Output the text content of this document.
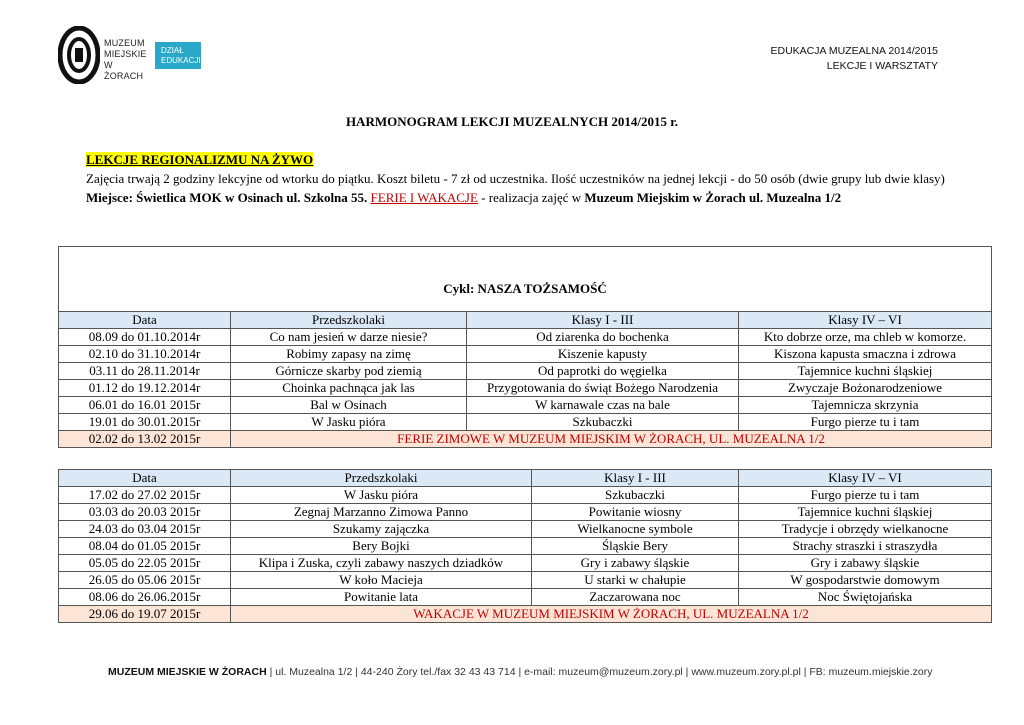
MUZEUM
MIEJSKIE
W ŻORACH
DZIAŁ
EDUKACJI
EDUKACJA MUZEALNA 2014/2015
LEKCJE I WARSZTATY
HARMONOGRAM LEKCJI MUZEALNYCH 2014/2015 r.
LEKCJE REGIONALIZMU NA ŻYWO
Zajęcia trwają 2 godziny lekcyjne od wtorku do piątku. Koszt biletu - 7 zł od uczestnika. Ilość uczestników na jednej lekcji - do 50 osób (dwie grupy lub dwie klasy)
Miejsce: Świetlica MOK w Osinach ul. Szkolna 55. FERIE I WAKACJE - realizacja zajęć w Muzeum Miejskim w Żorach ul. Muzealna 1/2
Cykl: NASZA TOŻSAMOŚĆ			
Data	Przedszkolaki	Klasy I - III	Klasy IV – VI
08.09 do 01.10.2014r	Co nam jesień w darze niesie?	Od ziarenka do bochenka	Kto dobrze orze, ma chleb w komorze.
02.10 do 31.10.2014r	Robimy zapasy na zimę	Kiszenie kapusty	Kiszona kapusta smaczna i zdrowa
03.11 do 28.11.2014r	Górnicze skarby pod ziemią	Od paprotki do węgielka	Tajemnice kuchni śląskiej
01.12 do 19.12.2014r	Choinka pachnąca jak las	Przygotowania do świąt Bożego Narodzenia	Zwyczaje Bożonarodzeniowe
06.01 do 16.01 2015r	Bal w Osinach	W karnawale czas na bale	Tajemnicza skrzynia
19.01 do 30.01.2015r	W Jasku pióra	Szkubaczki	Furgo pierze tu i tam
02.02 do 13.02 2015r	FERIE ZIMOWE W MUZEUM MIEJSKIM W ŻORACH, UL. MUZEALNA 1/2		
Data	Przedszkolaki	Klasy I - III	Klasy IV – VI
17.02 do 27.02 2015r	W Jasku pióra	Szkubaczki	Furgo pierze tu i tam
03.03 do 20.03 2015r	Zegnaj Marzanno Zimowa Panno	Powitanie wiosny	Tajemnice kuchni śląskiej
24.03 do 03.04 2015r	Szukamy zajączka	Wielkanocne symbole	Tradycje i obrzędy wielkanocne
08.04 do 01.05 2015r	Bery Bojki	Śląskie Bery	Strachy straszki i straszydła
05.05 do 22.05 2015r	Klipa i Zuska, czyli zabawy naszych dziadków	Gry i zabawy śląskie	Gry i zabawy śląskie
26.05 do 05.06 2015r	W koło Macieja	U starki w chałupie	W gospodarstwie domowym
08.06 do 26.06.2015r	Powitanie lata	Zaczarowana noc	Noc Świętojańska
29.06 do 19.07 2015r	WAKACJE W MUZEUM MIEJSKIM W ŻORACH, UL. MUZEALNA 1/2		
MUZEUM MIEJSKIE W ŻORACH | ul. Muzealna 1/2 | 44-240 Żory tel./fax 32 43 43 714 | e-mail: muzeum@muzeum.zory.pl | www.muzeum.zory.pl.pl | FB: muzeum.miejskie.zory
